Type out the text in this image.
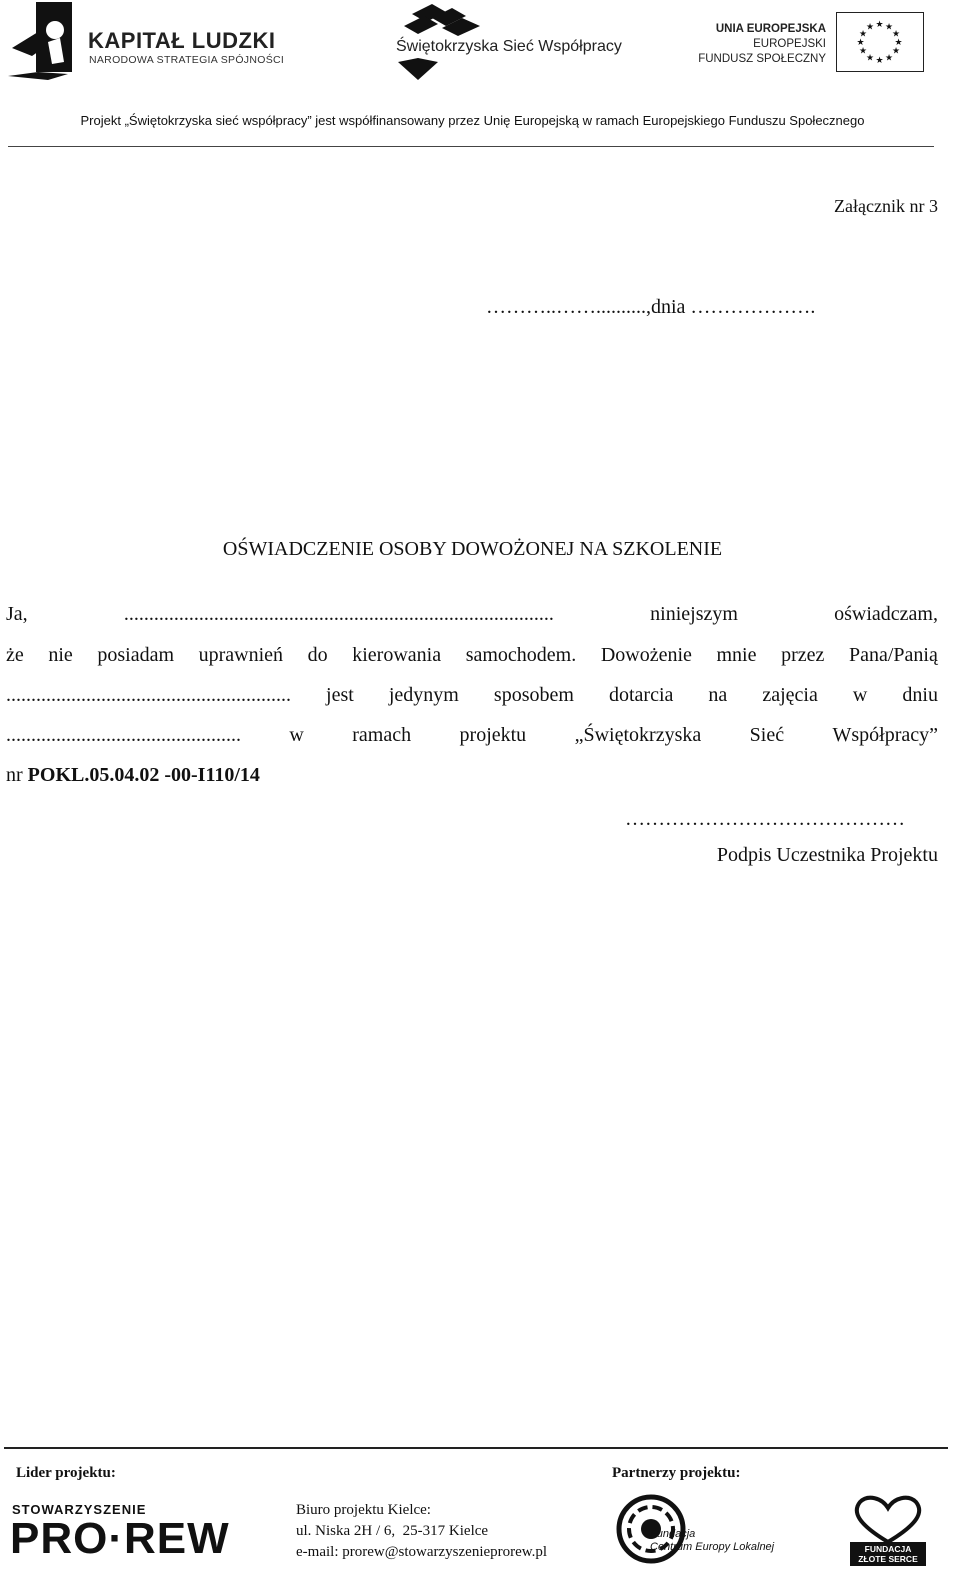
KAPITAŁ LUDZKI
NARODOWA STRATEGIA SPÓJNOŚCI
Świętokrzyska Sieć Współpracy
UNIA EUROPEJSKA
EUROPEJSKI
FUNDUSZ SPOŁECZNY
★ ★
★
★
★
★
★
★
★
★
★
★
Projekt „Świętokrzyska sieć współpracy” jest współfinansowany przez Unię Europejską w ramach Europejskiego Funduszu Społecznego
Załącznik nr 3
………..……..........,dnia ……………….
OŚWIADCZENIE OSOBY DOWOŻONEJ NA SZKOLENIE
Ja,	......................................................................................	niniejszym	oświadczam,
że nie posiadam uprawnień do kierowania samochodem. Dowożenie mnie przez Pana/Panią
......................................................... jest jedynym sposobem dotarcia na zajęcia w dniu
............................................... w ramach projektu „Świętokrzyska Sieć Współpracy”
nr POKL.05.04.02 -00-I110/14
……………………………………
Podpis Uczestnika Projektu
Lider projektu:	Partnerzy projektu:
STOWARZYSZENIE
PRO·REW
Biuro projektu Kielce:
ul. Niska 2H / 6,  25-317 Kielce
e-mail: prorew@stowarzyszenieprorew.pl
Fundacja
Centrum Europy Lokalnej	FUNDACJA ZŁOTE SERCE
